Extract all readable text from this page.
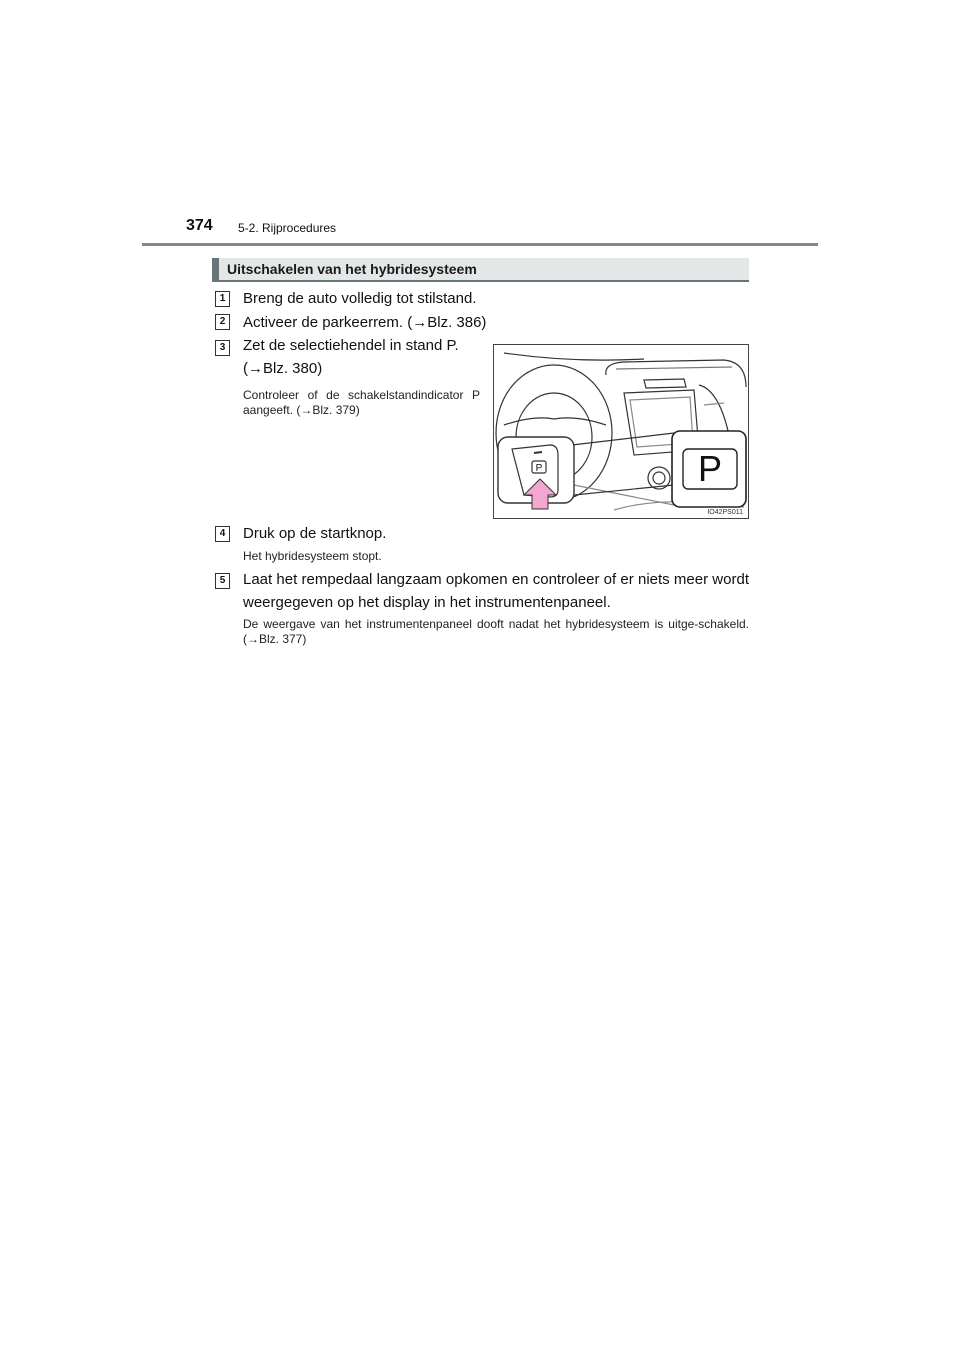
374 5-2. Rijprocedures
Uitschakelen van het hybridesysteem
1	Breng de auto volledig tot stilstand.
2	Activeer de parkeerrem. (→Blz. 386)
3	Zet de selectiehendel in stand P.
(→Blz. 380)
Controleer of de schakelstandindicator P aangeeft. (→Blz. 379)
P
P
IO42PS011
4	Druk op de startknop.
Het hybridesysteem stopt.
5	Laat het rempedaal langzaam opkomen en controleer of er niets meer wordt weergegeven op het display in het instrumentenpaneel.
De weergave van het instrumentenpaneel dooft nadat het hybridesysteem is uitge-schakeld. (→Blz. 377)
